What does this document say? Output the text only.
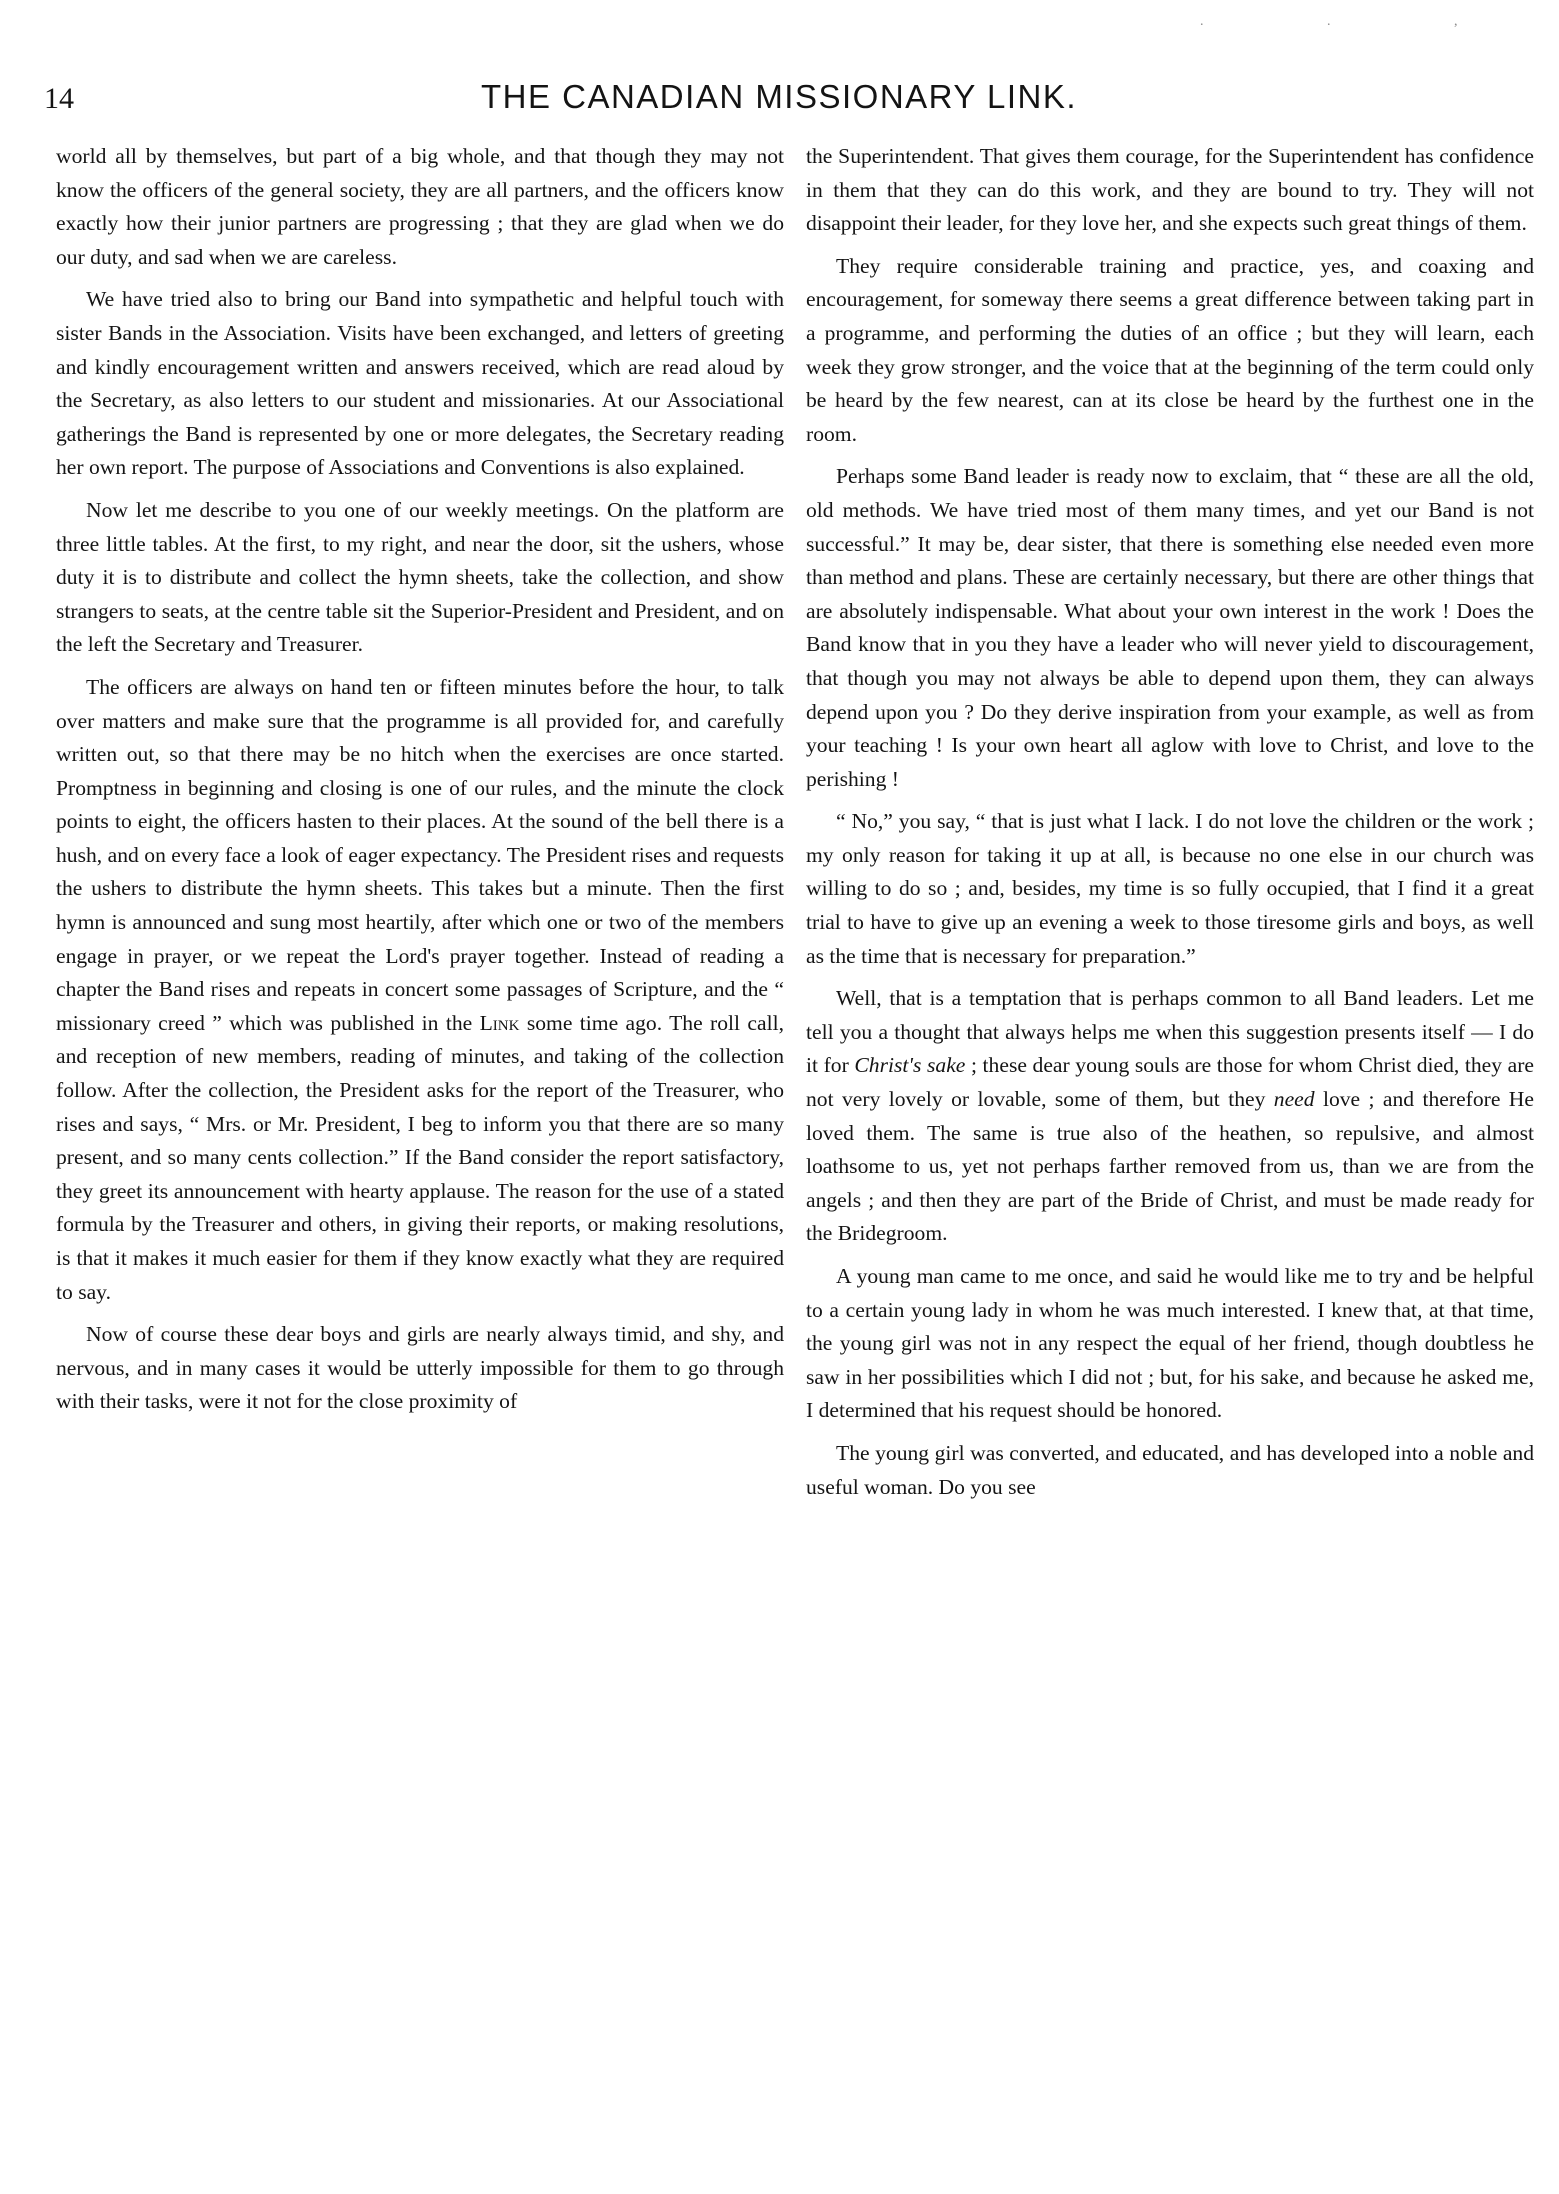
. . ,
14	THE CANADIAN MISSIONARY LINK.

world all by themselves, but part of a big whole, and that though they may not know the officers of the general society, they are all partners, and the officers know exactly how their junior partners are progressing ; that they are glad when we do our duty, and sad when we are careless.

We have tried also to bring our Band into sympathetic and helpful touch with sister Bands in the Association. Visits have been exchanged, and letters of greeting and kindly encouragement written and answers received, which are read aloud by the Secretary, as also letters to our student and missionaries. At our Associational gatherings the Band is represented by one or more delegates, the Secretary reading her own report. The purpose of Associations and Conventions is also explained.

Now let me describe to you one of our weekly meetings. On the platform are three little tables. At the first, to my right, and near the door, sit the ushers, whose duty it is to distribute and collect the hymn sheets, take the collection, and show strangers to seats, at the centre table sit the Superior-President and President, and on the left the Secretary and Treasurer.

The officers are always on hand ten or fifteen minutes before the hour, to talk over matters and make sure that the programme is all provided for, and carefully written out, so that there may be no hitch when the exercises are once started. Promptness in beginning and closing is one of our rules, and the minute the clock points to eight, the officers hasten to their places. At the sound of the bell there is a hush, and on every face a look of eager expectancy. The President rises and requests the ushers to distribute the hymn sheets. This takes but a minute. Then the first hymn is announced and sung most heartily, after which one or two of the members engage in prayer, or we repeat the Lord's prayer together. Instead of reading a chapter the Band rises and repeats in concert some passages of Scripture, and the “ missionary creed ” which was published in the Link some time ago. The roll call, and reception of new members, reading of minutes, and taking of the collection follow. After the collection, the President asks for the report of the Treasurer, who rises and says, “ Mrs. or Mr. President, I beg to inform you that there are so many present, and so many cents collection.” If the Band consider the report satisfactory, they greet its announcement with hearty applause. The reason for the use of a stated formula by the Treasurer and others, in giving their reports, or making resolutions, is that it makes it much easier for them if they know exactly what they are required to say.

Now of course these dear boys and girls are nearly always timid, and shy, and nervous, and in many cases it would be utterly impossible for them to go through with their tasks, were it not for the close proximity of

the Superintendent. That gives them courage, for the Superintendent has confidence in them that they can do this work, and they are bound to try. They will not disappoint their leader, for they love her, and she expects such great things of them.

They require considerable training and practice, yes, and coaxing and encouragement, for someway there seems a great difference between taking part in a programme, and performing the duties of an office ; but they will learn, each week they grow stronger, and the voice that at the beginning of the term could only be heard by the few nearest, can at its close be heard by the furthest one in the room.

Perhaps some Band leader is ready now to exclaim, that “ these are all the old, old methods. We have tried most of them many times, and yet our Band is not successful.” It may be, dear sister, that there is something else needed even more than method and plans. These are certainly necessary, but there are other things that are absolutely indispensable. What about your own interest in the work ! Does the Band know that in you they have a leader who will never yield to discouragement, that though you may not always be able to depend upon them, they can always depend upon you ? Do they derive inspiration from your example, as well as from your teaching ! Is your own heart all aglow with love to Christ, and love to the perishing !

“ No,” you say, “ that is just what I lack. I do not love the children or the work ; my only reason for taking it up at all, is because no one else in our church was willing to do so ; and, besides, my time is so fully occupied, that I find it a great trial to have to give up an evening a week to those tiresome girls and boys, as well as the time that is necessary for preparation.”

Well, that is a temptation that is perhaps common to all Band leaders. Let me tell you a thought that always helps me when this suggestion presents itself — I do it for Christ's sake ; these dear young souls are those for whom Christ died, they are not very lovely or lovable, some of them, but they need love ; and therefore He loved them. The same is true also of the heathen, so repulsive, and almost loathsome to us, yet not perhaps farther removed from us, than we are from the angels ; and then they are part of the Bride of Christ, and must be made ready for the Bridegroom.

A young man came to me once, and said he would like me to try and be helpful to a certain young lady in whom he was much interested. I knew that, at that time, the young girl was not in any respect the equal of her friend, though doubtless he saw in her possibilities which I did not ; but, for his sake, and because he asked me, I determined that his request should be honored.

The young girl was converted, and educated, and has developed into a noble and useful woman. Do you see
